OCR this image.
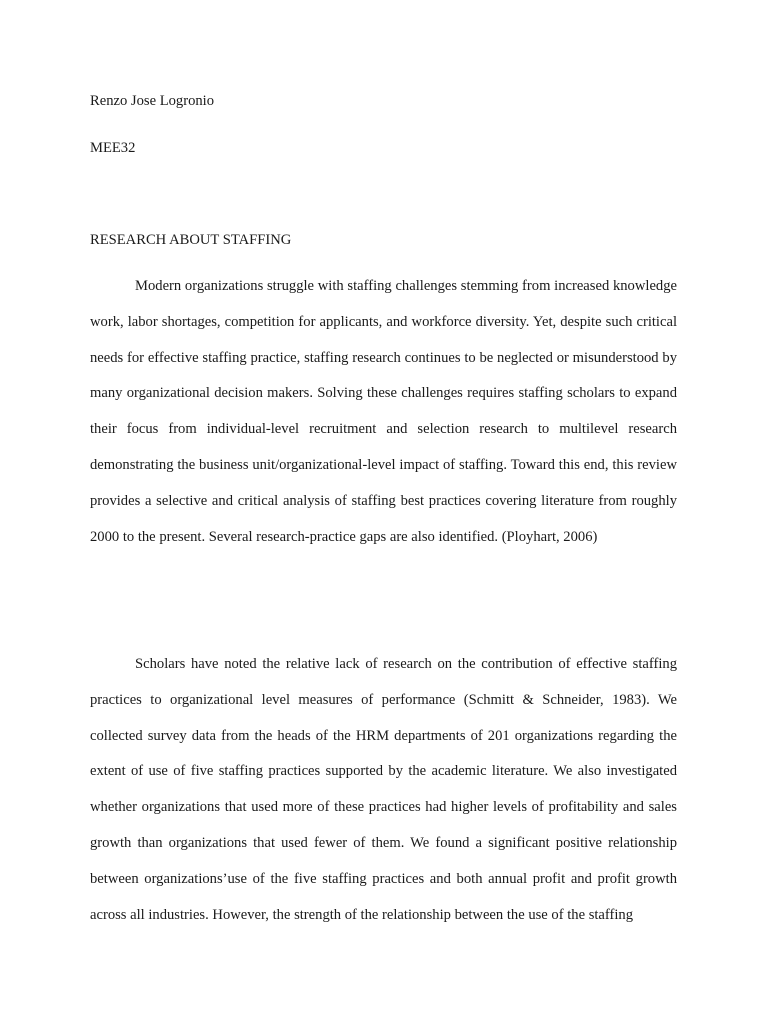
Renzo Jose Logronio
MEE32
RESEARCH ABOUT STAFFING

Modern organizations struggle with staffing challenges stemming from increased knowledge work, labor shortages, competition for applicants, and workforce diversity. Yet, despite such critical needs for effective staffing practice, staffing research continues to be neglected or misunderstood by many organizational decision makers. Solving these challenges requires staffing scholars to expand their focus from individual-level recruitment and selection research to multilevel research demonstrating the business unit/organizational-level impact of staffing. Toward this end, this review provides a selective and critical analysis of staffing best practices covering literature from roughly 2000 to the present. Several research-practice gaps are also identified. (Ployhart, 2006)

Scholars have noted the relative lack of research on the contribution of effective staffing practices to organizational level measures of performance (Schmitt & Schneider, 1983). We collected survey data from the heads of the HRM departments of 201 organizations regarding the extent of use of five staffing practices supported by the academic literature. We also investigated whether organizations that used more of these practices had higher levels of profitability and sales growth than organizations that used fewer of them. We found a significant positive relationship between organizations’use of the five staffing practices and both annual profit and profit growth across all industries. However, the strength of the relationship between the use of the staffing
